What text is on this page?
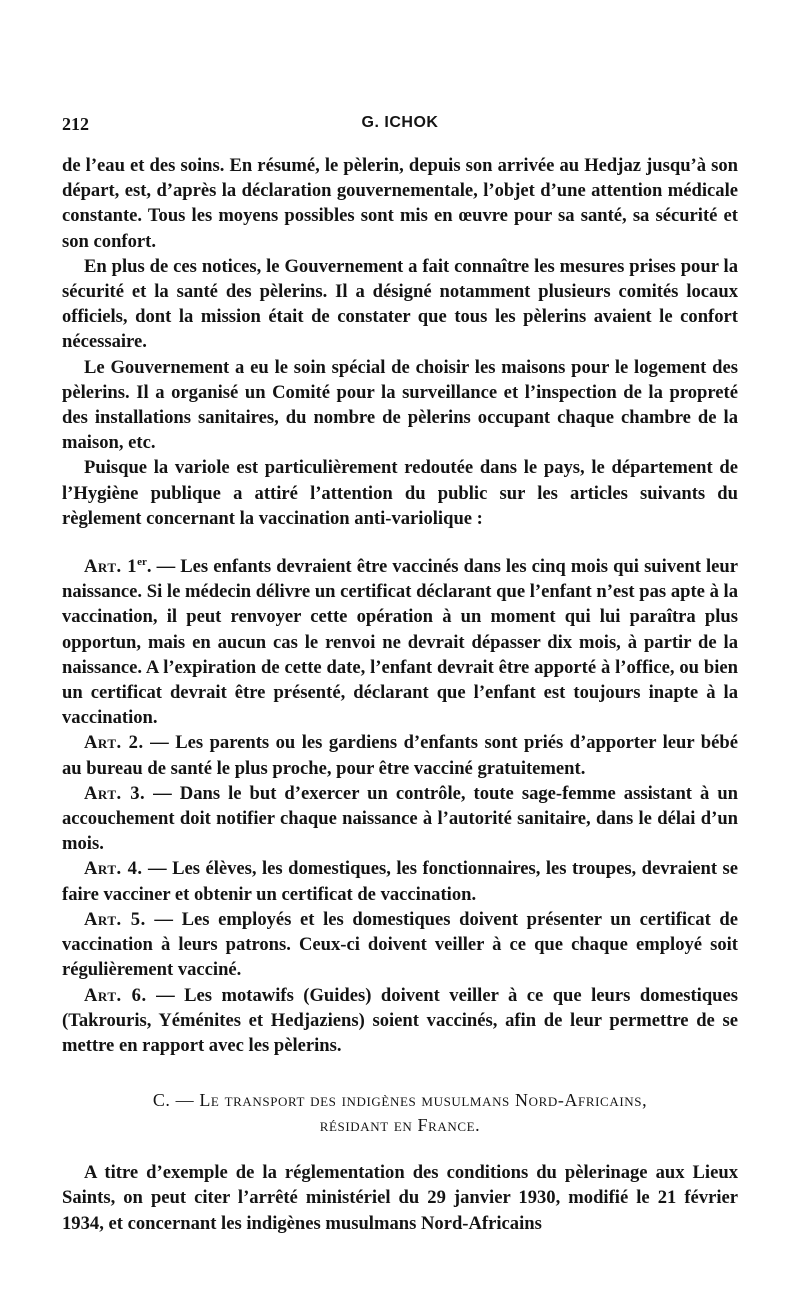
212	G. ICHOK

de l’eau et des soins. En résumé, le pèlerin, depuis son arrivée au Hedjaz jusqu’à son départ, est, d’après la déclaration gouvernementale, l’objet d’une attention médicale constante. Tous les moyens possibles sont mis en œuvre pour sa santé, sa sécurité et son confort.

En plus de ces notices, le Gouvernement a fait connaître les mesures prises pour la sécurité et la santé des pèlerins. Il a désigné notamment plusieurs comités locaux officiels, dont la mission était de constater que tous les pèlerins avaient le confort nécessaire.

Le Gouvernement a eu le soin spécial de choisir les maisons pour le logement des pèlerins. Il a organisé un Comité pour la surveillance et l’inspection de la propreté des installations sanitaires, du nombre de pèlerins occupant chaque chambre de la maison, etc.

Puisque la variole est particulièrement redoutée dans le pays, le département de l’Hygiène publique a attiré l’attention du public sur les articles suivants du règlement concernant la vaccination anti-variolique :

Art. 1er. — Les enfants devraient être vaccinés dans les cinq mois qui suivent leur naissance. Si le médecin délivre un certificat déclarant que l’enfant n’est pas apte à la vaccination, il peut renvoyer cette opération à un moment qui lui paraîtra plus opportun, mais en aucun cas le renvoi ne devrait dépasser dix mois, à partir de la naissance. A l’expiration de cette date, l’enfant devrait être apporté à l’office, ou bien un certificat devrait être présenté, déclarant que l’enfant est toujours inapte à la vaccination.

Art. 2. — Les parents ou les gardiens d’enfants sont priés d’apporter leur bébé au bureau de santé le plus proche, pour être vacciné gratuitement.

Art. 3. — Dans le but d’exercer un contrôle, toute sage-femme assistant à un accouchement doit notifier chaque naissance à l’autorité sanitaire, dans le délai d’un mois.

Art. 4. — Les élèves, les domestiques, les fonctionnaires, les troupes, devraient se faire vacciner et obtenir un certificat de vaccination.

Art. 5. — Les employés et les domestiques doivent présenter un certificat de vaccination à leurs patrons. Ceux-ci doivent veiller à ce que chaque employé soit régulièrement vacciné.

Art. 6. — Les motawifs (Guides) doivent veiller à ce que leurs domestiques (Takrouris, Yéménites et Hedjaziens) soient vaccinés, afin de leur permettre de se mettre en rapport avec les pèlerins.

C. — Le transport des indigènes musulmans Nord-Africains,
résidant en France.

A titre d’exemple de la réglementation des conditions du pèlerinage aux Lieux Saints, on peut citer l’arrêté ministériel du 29 janvier 1930, modifié le 21 février 1934, et concernant les indigènes musulmans Nord-Africains
